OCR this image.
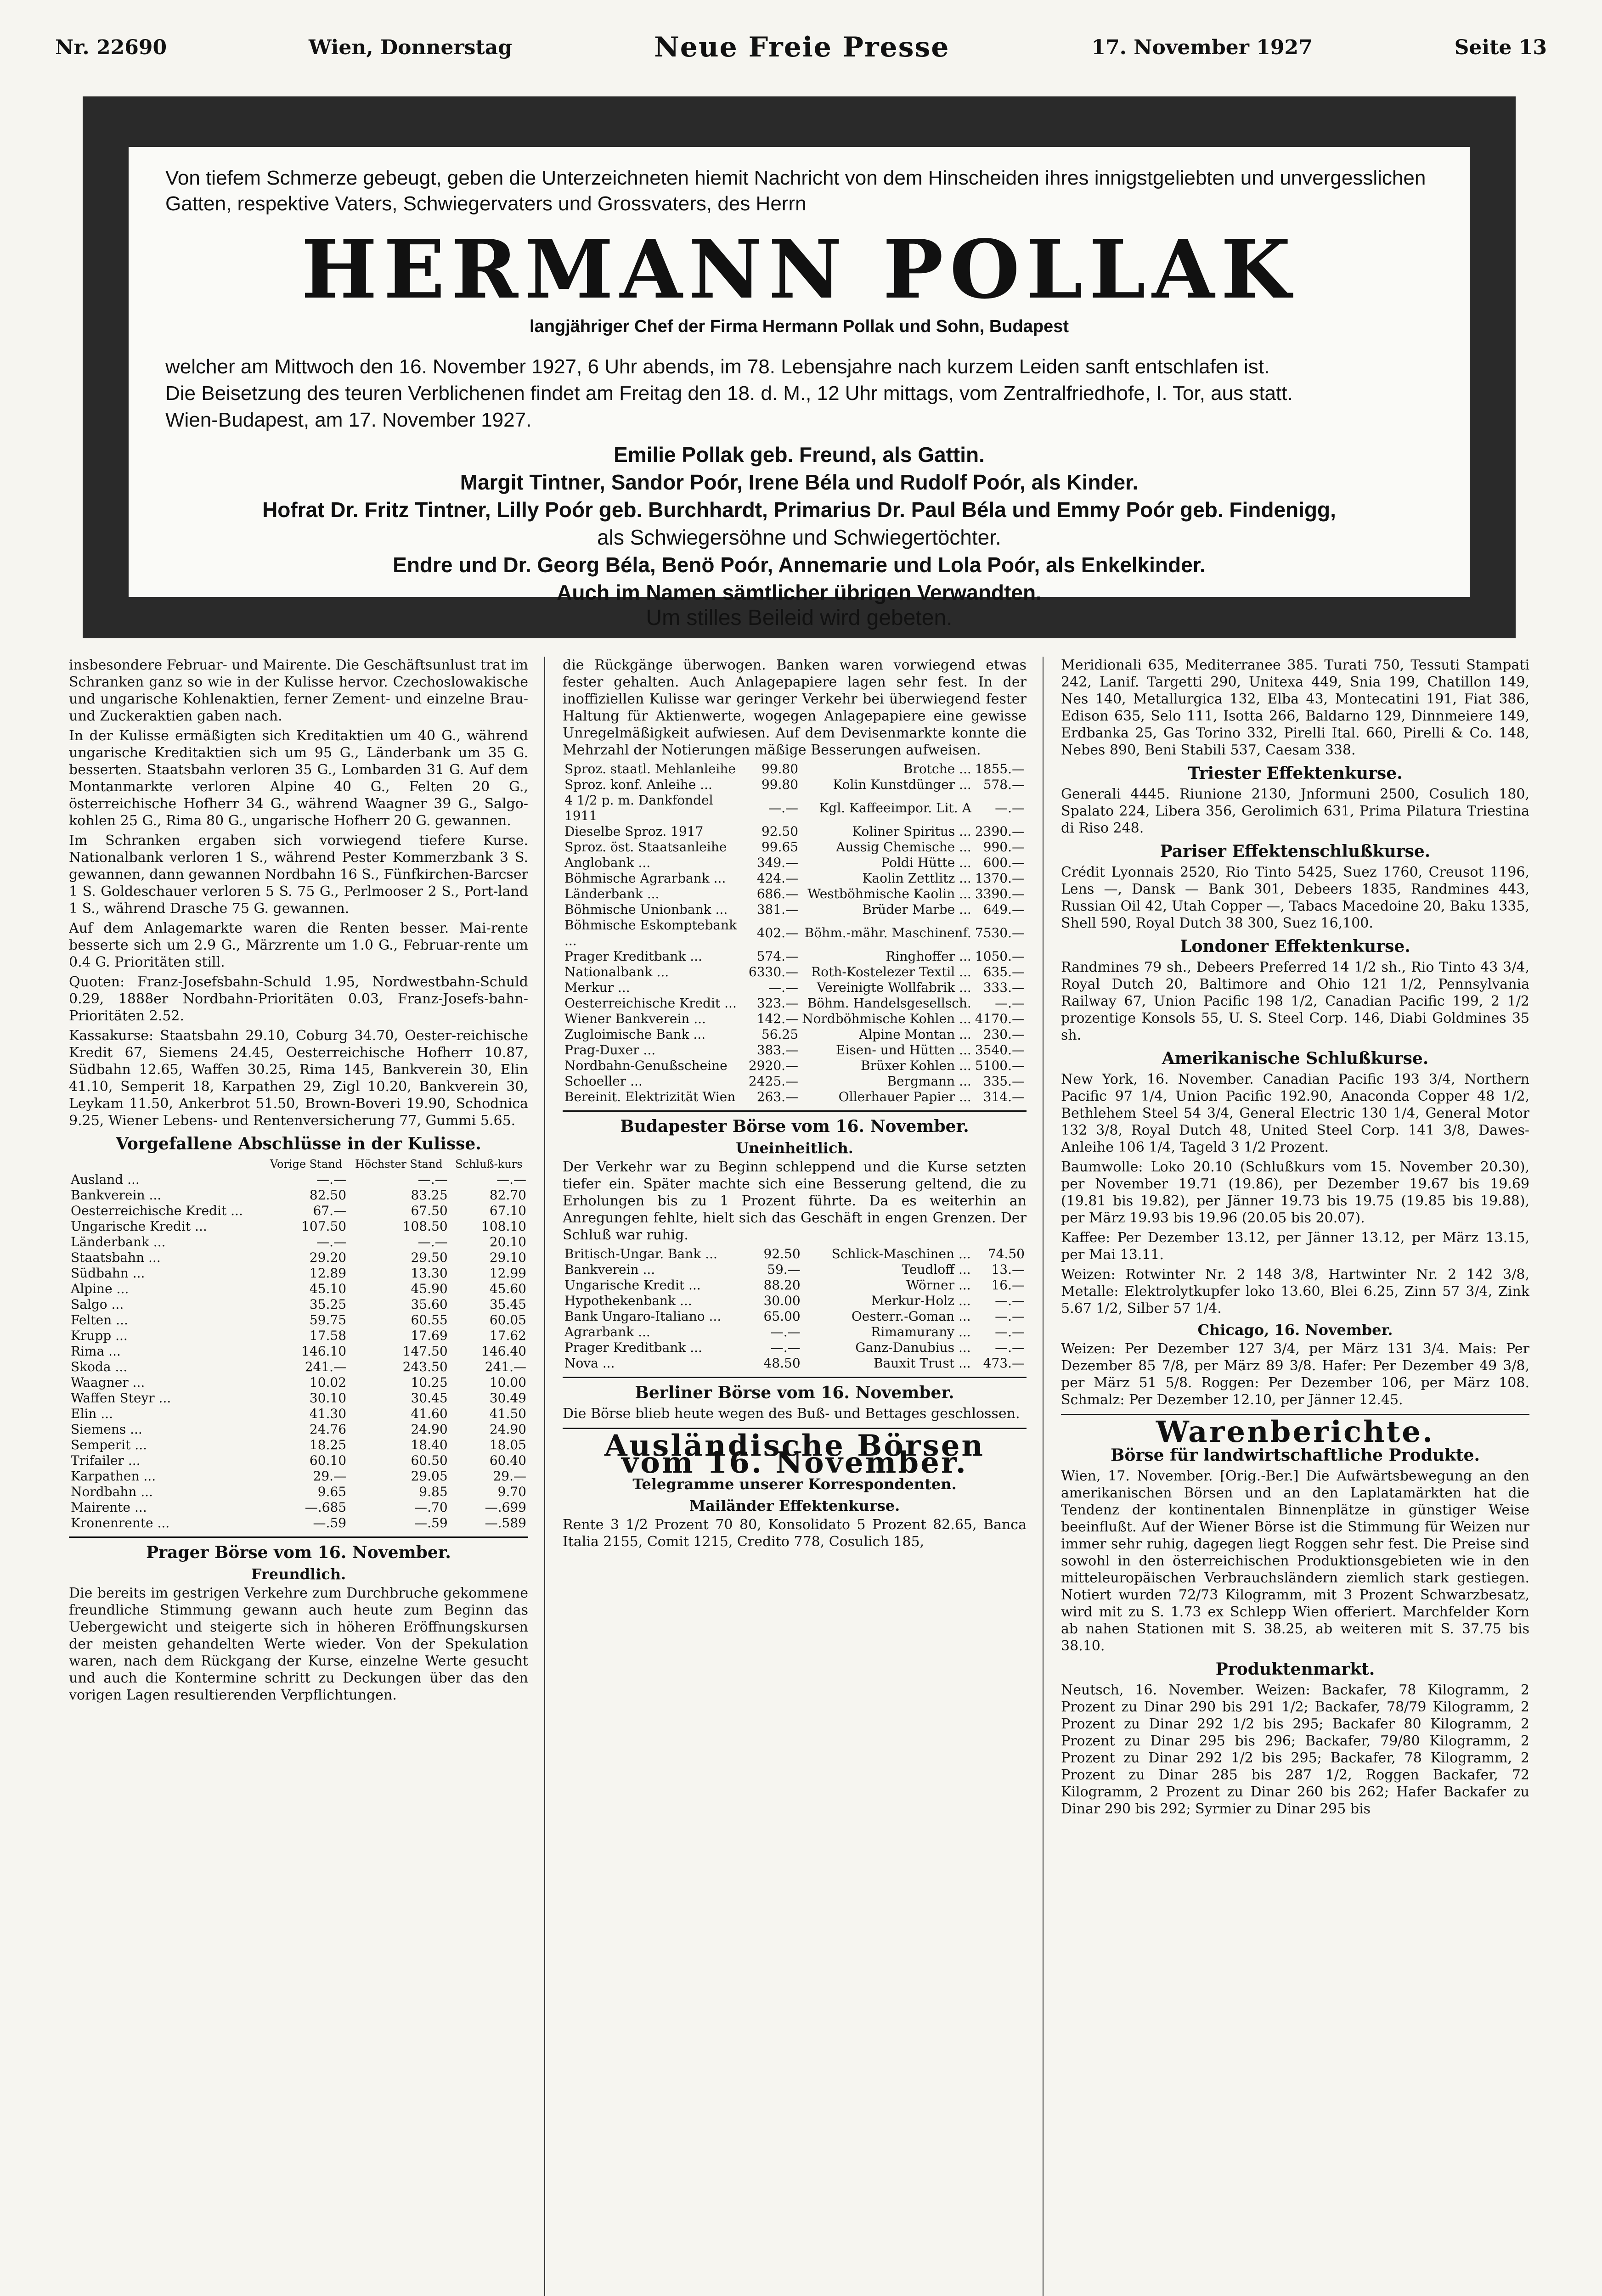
Nr. 22690	Wien, Donnerstag	Neue Freie Presse	17. November 1927	Seite 13
Von tiefem Schmerze gebeugt, geben die Unterzeichneten hiemit Nachricht von dem Hinscheiden ihres innigstgeliebten und unvergesslichen Gatten, respektive Vaters, Schwiegervaters und Grossvaters, des Herrn
HERMANN POLLAK
langjähriger Chef der Firma Hermann Pollak und Sohn, Budapest
welcher am Mittwoch den 16. November 1927, 6 Uhr abends, im 78. Lebensjahre nach kurzem Leiden sanft entschlafen ist.
Die Beisetzung des teuren Verblichenen findet am Freitag den 18. d. M., 12 Uhr mittags, vom Zentralfriedhofe, I. Tor, aus statt.
Wien-Budapest, am 17. November 1927.
Emilie Pollak geb. Freund, als Gattin.
Margit Tintner, Sandor Poór, Irene Béla und Rudolf Poór, als Kinder.
Hofrat Dr. Fritz Tintner, Lilly Poór geb. Burchhardt, Primarius Dr. Paul Béla und Emmy Poór geb. Findenigg,
als Schwiegersöhne und Schwiegertöchter.
Endre und Dr. Georg Béla, Benö Poór, Annemarie und Lola Poór, als Enkelkinder.
Auch im Namen sämtlicher übrigen Verwandten.
Um stilles Beileid wird gebeten.

insbesondere Februar- und Mairente. Die Geschäftsunlust trat im Schranken ganz so wie in der Kulisse hervor. Czechoslowakische und ungarische Kohlenaktien, ferner Zement- und einzelne Brau- und Zuckeraktien gaben nach.

In der Kulisse ermäßigten sich Kreditaktien um 40 G., während ungarische Kreditaktien sich um 95 G., Länderbank um 35 G. besserten. Staatsbahn verloren 35 G., Lombarden 31 G. Auf dem Montanmarkte verloren Alpine 40 G., Felten 20 G., österreichische Hofherr 34 G., während Waagner 39 G., Salgo-kohlen 25 G., Rima 80 G., ungarische Hofherr 20 G. gewannen.

Im Schranken ergaben sich vorwiegend tiefere Kurse. Nationalbank verloren 1 S., während Pester Kommerzbank 3 S. gewannen, dann gewannen Nordbahn 16 S., Fünfkirchen-Barcser 1 S. Goldeschauer verloren 5 S. 75 G., Perlmooser 2 S., Port-land 1 S., während Drasche 75 G. gewannen.

Auf dem Anlagemarkte waren die Renten besser. Mai-rente besserte sich um 2.9 G., Märzrente um 1.0 G., Februar-rente um 0.4 G. Prioritäten still.

Quoten: Franz-Josefsbahn-Schuld 1.95, Nordwestbahn-Schuld 0.29, 1888er Nordbahn-Prioritäten 0.03, Franz-Josefs-bahn-Prioritäten 2.52.

Kassakurse: Staatsbahn 29.10, Coburg 34.70, Oester-reichische Kredit 67, Siemens 24.45, Oesterreichische Hofherr 10.87, Südbahn 12.65, Waffen 30.25, Rima 145, Bankverein 30, Elin 41.10, Semperit 18, Karpathen 29, Zigl 10.20, Bankverein 30, Leykam 11.50, Ankerbrot 51.50, Brown-Boveri 19.90, Schodnica 9.25, Wiener Lebens- und Rentenversicherung 77, Gummi 5.65.

Vorgefallene Abschlüsse in der Kulisse.
	Vorige Stand	Höchster Stand	Schluß-kurs
Ausland ...	—.—	—.—	—.—
Bankverein ...	82.50	83.25	82.70
Oesterreichische Kredit ...	67.—	67.50	67.10
Ungarische Kredit ...	107.50	108.50	108.10
Länderbank ...	—.—	—.—	20.10
Staatsbahn ...	29.20	29.50	29.10
Südbahn ...	12.89	13.30	12.99
Alpine ...	45.10	45.90	45.60
Salgo ...	35.25	35.60	35.45
Felten ...	59.75	60.55	60.05
Krupp ...	17.58	17.69	17.62
Rima ...	146.10	147.50	146.40
Skoda ...	241.—	243.50	241.—
Waagner ...	10.02	10.25	10.00
Waffen Steyr ...	30.10	30.45	30.49
Elin ...	41.30	41.60	41.50
Siemens ...	24.76	24.90	24.90
Semperit ...	18.25	18.40	18.05
Trifailer ...	60.10	60.50	60.40
Karpathen ...	29.—	29.05	29.—
Nordbahn ...	9.65	9.85	9.70
Mairente ...	—.685	—.70	—.699
Kronenrente ...	—.59	—.59	—.589
Prager Börse vom 16. November.
Freundlich.

Die bereits im gestrigen Verkehre zum Durchbruche gekommene freundliche Stimmung gewann auch heute zum Beginn das Uebergewicht und steigerte sich in höheren Eröffnungskursen der meisten gehandelten Werte wieder. Von der Spekulation waren, nach dem Rückgang der Kurse, einzelne Werte gesucht und auch die Kontermine schritt zu Deckungen über das den vorigen Lagen resultierenden Verpflichtungen.

die Rückgänge überwogen. Banken waren vorwiegend etwas fester gehalten. Auch Anlagepapiere lagen sehr fest. In der inoffiziellen Kulisse war geringer Verkehr bei überwiegend fester Haltung für Aktienwerte, wogegen Anlagepapiere eine gewisse Unregelmäßigkeit aufwiesen. Auf dem Devisenmarkte konnte die Mehrzahl der Notierungen mäßige Besserungen aufweisen.

Sproz. staatl. Mehlanleihe	99.80	Brotche ...	1855.—
Sproz. konf. Anleihe ...	99.80	Kolin Kunstdünger ...	578.—
4 1/2 p. m. Dankfondel 1911	—.—	Kgl. Kaffeeimpor. Lit. A	—.—
Dieselbe Sproz. 1917	92.50	Koliner Spiritus ...	2390.—
Sproz. öst. Staatsanleihe	99.65	Aussig Chemische ...	990.—
Anglobank ...	349.—	Poldi Hütte ...	600.—
Böhmische Agrarbank ...	424.—	Kaolin Zettlitz ...	1370.—
Länderbank ...	686.—	Westböhmische Kaolin ...	3390.—
Böhmische Unionbank ...	381.—	Brüder Marbe ...	649.—
Böhmische Eskomptebank ...	402.—	Böhm.-mähr. Maschinenf.	7530.—
Prager Kreditbank ...	574.—	Ringhoffer ...	1050.—
Nationalbank ...	6330.—	Roth-Kostelezer Textil ...	635.—
Merkur ...	—.—	Vereinigte Wollfabrik ...	333.—
Oesterreichische Kredit ...	323.—	Böhm. Handelsgesellsch.	—.—
Wiener Bankverein ...	142.—	Nordböhmische Kohlen ...	4170.—
Zugloimische Bank ...	56.25	Alpine Montan ...	230.—
Prag-Duxer ...	383.—	Eisen- und Hütten ...	3540.—
Nordbahn-Genußscheine	2920.—	Brüxer Kohlen ...	5100.—
Schoeller ...	2425.—	Bergmann ...	335.—
Bereinit. Elektrizität Wien	263.—	Ollerhauer Papier ...	314.—
Budapester Börse vom 16. November.
Uneinheitlich.

Der Verkehr war zu Beginn schleppend und die Kurse setzten tiefer ein. Später machte sich eine Besserung geltend, die zu Erholungen bis zu 1 Prozent führte. Da es weiterhin an Anregungen fehlte, hielt sich das Geschäft in engen Grenzen. Der Schluß war ruhig.

Britisch-Ungar. Bank ...	92.50	Schlick-Maschinen ...	74.50
Bankverein ...	59.—	Teudloff ...	13.—
Ungarische Kredit ...	88.20	Wörner ...	16.—
Hypothekenbank ...	30.00	Merkur-Holz ...	—.—
Bank Ungaro-Italiano ...	65.00	Oesterr.-Goman ...	—.—
Agrarbank ...	—.—	Rimamurany ...	—.—
Prager Kreditbank ...	—.—	Ganz-Danubius ...	—.—
Nova ...	48.50	Bauxit Trust ...	473.—
Berliner Börse vom 16. November.

Die Börse blieb heute wegen des Buß- und Bettages geschlossen.

Ausländische Börsen vom 16. November.
Telegramme unserer Korrespondenten.
Mailänder Effektenkurse.

Rente 3 1/2 Prozent 70 80, Konsolidato 5 Prozent 82.65, Banca Italia 2155, Comit 1215, Credito 778, Cosulich 185,

Meridionali 635, Mediterranee 385. Turati 750, Tessuti Stampati 242, Lanif. Targetti 290, Unitexa 449, Snia 199, Chatillon 149, Nes 140, Metallurgica 132, Elba 43, Montecatini 191, Fiat 386, Edison 635, Selo 111, Isotta 266, Baldarno 129, Dinnmeiere 149, Erdbanka 25, Gas Torino 332, Pirelli Ital. 660, Pirelli & Co. 148, Nebes 890, Beni Stabili 537, Caesam 338.

Triester Effektenkurse.

Generali 4445. Riunione 2130, Jnformuni 2500, Cosulich 180, Spalato 224, Libera 356, Gerolimich 631, Prima Pilatura Triestina di Riso 248.

Pariser Effektenschlußkurse.

Crédit Lyonnais 2520, Rio Tinto 5425, Suez 1760, Creusot 1196, Lens —, Dansk — Bank 301, Debeers 1835, Randmines 443, Russian Oil 42, Utah Copper —, Tabacs Macedoine 20, Baku 1335, Shell 590, Royal Dutch 38 300, Suez 16,100.

Londoner Effektenkurse.

Randmines 79 sh., Debeers Preferred 14 1/2 sh., Rio Tinto 43 3/4, Royal Dutch 20, Baltimore and Ohio 121 1/2, Pennsylvania Railway 67, Union Pacific 198 1/2, Canadian Pacific 199, 2 1/2 prozentige Konsols 55, U. S. Steel Corp. 146, Diabi Goldmines 35 sh.

Amerikanische Schlußkurse.

New York, 16. November. Canadian Pacific 193 3/4, Northern Pacific 97 1/4, Union Pacific 192.90, Anaconda Copper 48 1/2, Bethlehem Steel 54 3/4, General Electric 130 1/4, General Motor 132 3/8, Royal Dutch 48, United Steel Corp. 141 3/8, Dawes-Anleihe 106 1/4, Tageld 3 1/2 Prozent.

Baumwolle: Loko 20.10 (Schlußkurs vom 15. November 20.30), per November 19.71 (19.86), per Dezember 19.67 bis 19.69 (19.81 bis 19.82), per Jänner 19.73 bis 19.75 (19.85 bis 19.88), per März 19.93 bis 19.96 (20.05 bis 20.07).

Kaffee: Per Dezember 13.12, per Jänner 13.12, per März 13.15, per Mai 13.11.

Weizen: Rotwinter Nr. 2 148 3/8, Hartwinter Nr. 2 142 3/8, Metalle: Elektrolytkupfer loko 13.60, Blei 6.25, Zinn 57 3/4, Zink 5.67 1/2, Silber 57 1/4.

Chicago, 16. November.

Weizen: Per Dezember 127 3/4, per März 131 3/4. Mais: Per Dezember 85 7/8, per März 89 3/8. Hafer: Per Dezember 49 3/8, per März 51 5/8. Roggen: Per Dezember 106, per März 108. Schmalz: Per Dezember 12.10, per Jänner 12.45.

Warenberichte.
Börse für landwirtschaftliche Produkte.

Wien, 17. November. [Orig.-Ber.] Die Aufwärtsbewegung an den amerikanischen Börsen und an den Laplatamärkten hat die Tendenz der kontinentalen Binnenplätze in günstiger Weise beeinflußt. Auf der Wiener Börse ist die Stimmung für Weizen nur immer sehr ruhig, dagegen liegt Roggen sehr fest. Die Preise sind sowohl in den österreichischen Produktionsgebieten wie in den mitteleuropäischen Verbrauchsländern ziemlich stark gestiegen. Notiert wurden 72/73 Kilogramm, mit 3 Prozent Schwarzbesatz, wird mit zu S. 1.73 ex Schlepp Wien offeriert. Marchfelder Korn ab nahen Stationen mit S. 38.25, ab weiteren mit S. 37.75 bis 38.10.

Produktenmarkt.

Neutsch, 16. November. Weizen: Backafer, 78 Kilogramm, 2 Prozent zu Dinar 290 bis 291 1/2; Backafer, 78/79 Kilogramm, 2 Prozent zu Dinar 292 1/2 bis 295; Backafer 80 Kilogramm, 2 Prozent zu Dinar 295 bis 296; Backafer, 79/80 Kilogramm, 2 Prozent zu Dinar 292 1/2 bis 295; Backafer, 78 Kilogramm, 2 Prozent zu Dinar 285 bis 287 1/2, Roggen Backafer, 72 Kilogramm, 2 Prozent zu Dinar 260 bis 262; Hafer Backafer zu Dinar 290 bis 292; Syrmier zu Dinar 295 bis
